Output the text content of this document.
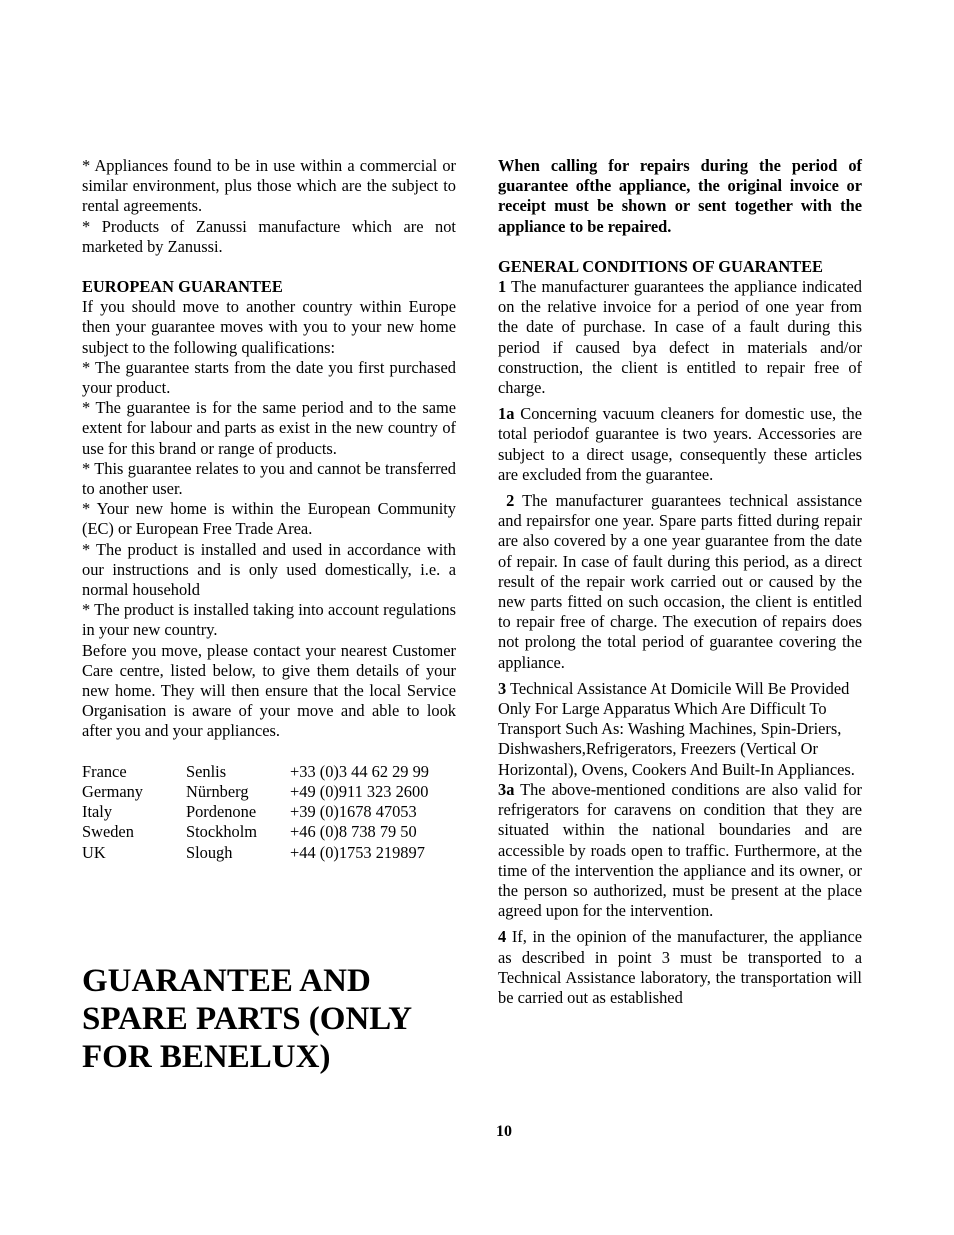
* Appliances found to be in use within a commercial or similar environment, plus those which are the subject to rental agreements.

* Products of Zanussi manufacture which are not marketed by Zanussi.

EUROPEAN GUARANTEE

If you should move to another country within Europe then your guarantee moves with you to your new home subject to the following qualifications:

* The guarantee starts from the date you first purchased your product.

* The guarantee is for the same period and to the same extent for labour and parts as exist in the new country of use for this brand or range of products.

* This guarantee relates to you and cannot be transferred to another user.

* Your new home is within the European Community (EC) or European Free Trade Area.

* The product is installed and used in accordance with our instructions and is only used domestically, i.e. a normal household

* The product is installed taking into account regulations in your new country.

Before you move, please contact your nearest Customer Care centre, listed below, to give them details of your new home. They will then ensure that the local Service Organisation is aware of your move and able to look after you and your appliances.

France	Senlis	+33 (0)3 44 62 29 99
Germany	Nürnberg	+49 (0)911 323 2600
Italy	Pordenone	+39 (0)1678 47053
Sweden	Stockholm	+46 (0)8 738 79 50
UK	Slough	+44 (0)1753 219897
GUARANTEE AND SPARE PARTS (ONLY FOR BENELUX)

When calling for repairs during the period of guarantee ofthe appliance, the original invoice or receipt must be shown or sent together with the appliance to be repaired.

GENERAL CONDITIONS OF GUARANTEE

1 The manufacturer guarantees the appliance indicated on the relative invoice for a period of one year from the date of purchase. In case of a fault during this period if caused bya defect in materials and/or construction, the client is entitled to repair free of charge.

1a Concerning vacuum cleaners for domestic use, the total periodof guarantee is two years. Accessories are subject to a direct usage, consequently these articles are excluded from the guarantee.

2 The manufacturer guarantees technical assistance and repairsfor one year. Spare parts fitted during repair are also covered by a one year guarantee from the date of repair. In case of fault during this period, as a direct result of the repair work carried out or caused by the new parts fitted on such occasion, the client is entitled to repair free of charge. The execution of repairs does not prolong the total period of guarantee covering the appliance.

3 Technical Assistance At Domicile Will Be Provided Only For Large Apparatus Which Are Difficult To Transport Such As: Washing Machines, Spin-Driers, Dishwashers,Refrigerators, Freezers (Vertical Or Horizontal), Ovens, Cookers And Built-In Appliances.

3a The above-mentioned conditions are also valid for refrigerators for caravens on condition that they are situated within the national boundaries and are accessible by roads open to traffic. Furthermore, at the time of the intervention the appliance and its owner, or the person so authorized, must be present at the place agreed upon for the intervention.

4 If, in the opinion of the manufacturer, the appliance as described in point 3 must be transported to a Technical Assistance laboratory, the transportation will be carried out as established

10
